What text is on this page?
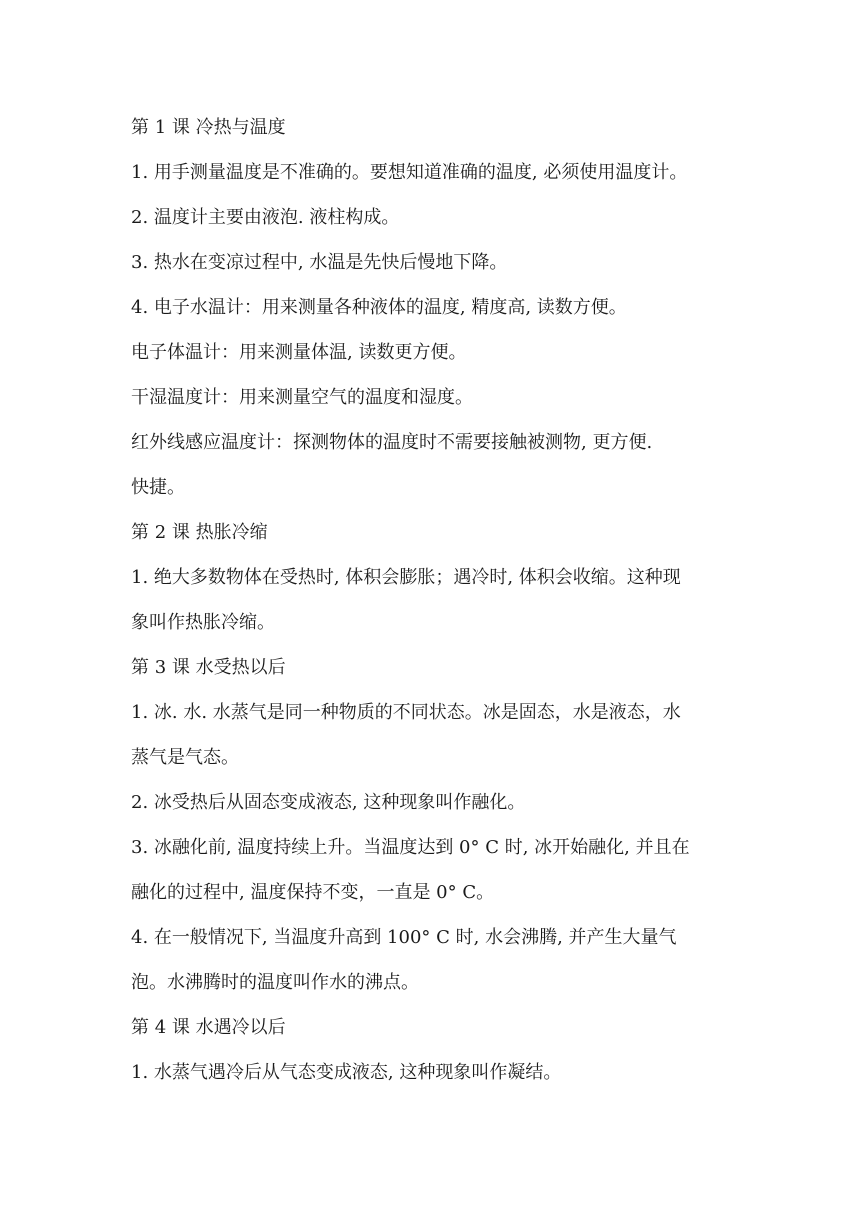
第 1 课 冷热与温度
1. 用手测量温度是不准确的。要想知道准确的温度, 必须使用温度计。
2. 温度计主要由液泡. 液柱构成。
3. 热水在变凉过程中, 水温是先快后慢地下降。
4. 电子水温计：用来测量各种液体的温度, 精度高, 读数方便。
电子体温计：用来测量体温, 读数更方便。
干湿温度计：用来测量空气的温度和湿度。
红外线感应温度计：探测物体的温度时不需要接触被测物, 更方便.
快捷。
第 2 课 热胀冷缩
1. 绝大多数物体在受热时, 体积会膨胀；遇冷时, 体积会收缩。这种现
象叫作热胀冷缩。
第 3 课 水受热以后
1. 冰. 水. 水蒸气是同一种物质的不同状态。冰是固态，水是液态，水
蒸气是气态。
2. 冰受热后从固态变成液态, 这种现象叫作融化。
3. 冰融化前, 温度持续上升。当温度达到 0° C 时, 冰开始融化, 并且在
融化的过程中, 温度保持不变，一直是 0° C。
4. 在一般情况下, 当温度升高到 100° C 时, 水会沸腾, 并产生大量气
泡。水沸腾时的温度叫作水的沸点。
第 4 课 水遇冷以后
1. 水蒸气遇冷后从气态变成液态, 这种现象叫作凝结。
